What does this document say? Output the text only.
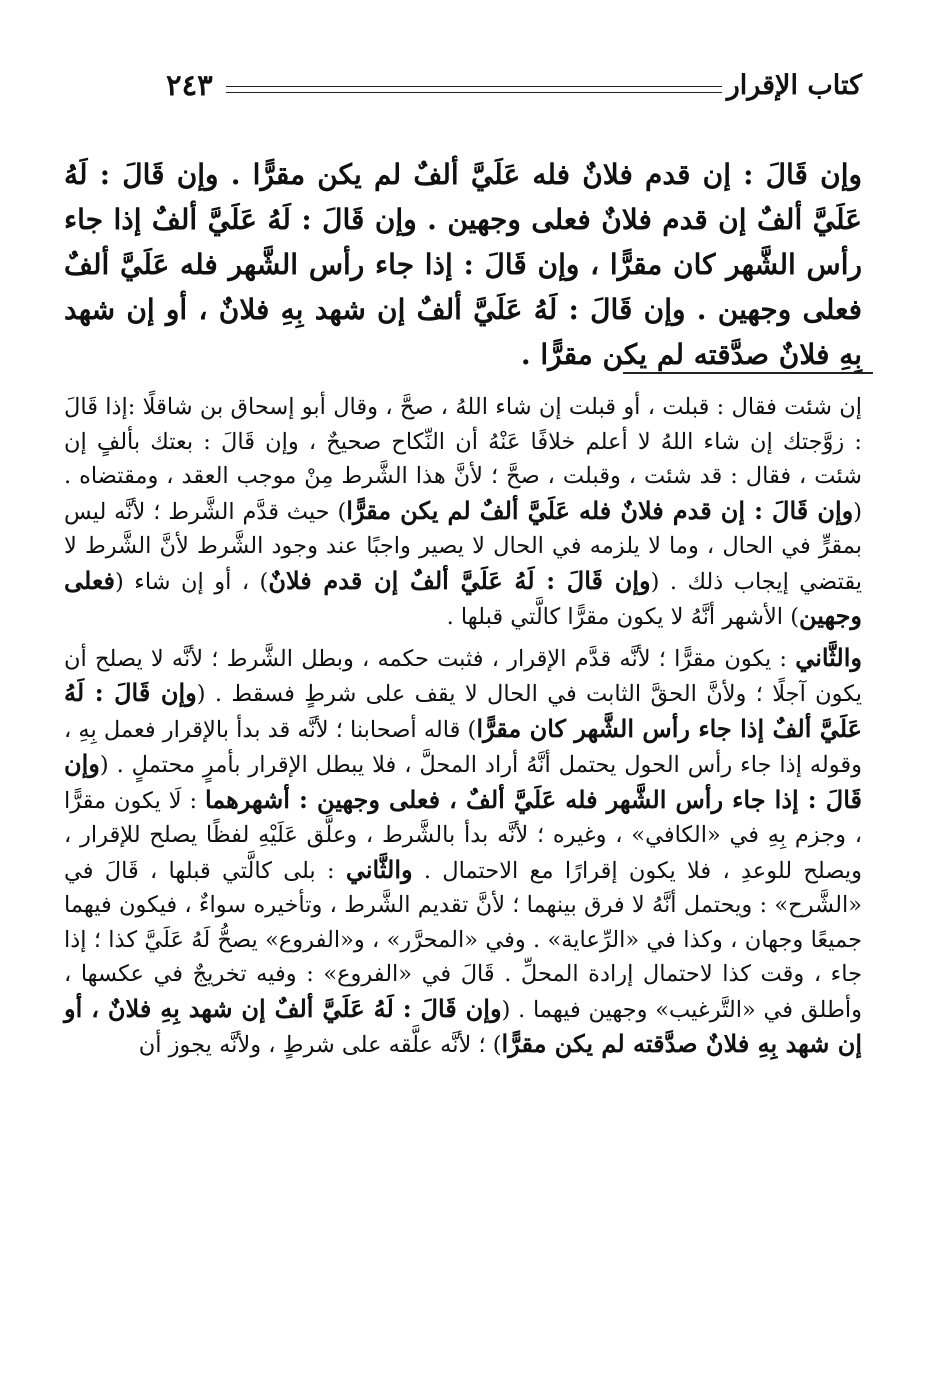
كتاب الإقرار
٢٤٣
وإن قَالَ : إن قدم فلانٌ فله عَلَيَّ ألفٌ لم يكن مقرًّا . وإن قَالَ : لَهُ عَلَيَّ ألفٌ إن قدم فلانٌ فعلى وجهين . وإن قَالَ : لَهُ عَلَيَّ ألفٌ إذا جاء رأس الشَّهر كان مقرًّا ، وإن قَالَ : إذا جاء رأس الشَّهر فله عَلَيَّ ألفٌ فعلى وجهين . وإن قَالَ : لَهُ عَلَيَّ ألفٌ إن شهد بِهِ فلانٌ ، أو إن شهد بِهِ فلانٌ صدَّقته لم يكن مقرًّا .

إن شئت فقال : قبلت ، أو قبلت إن شاء اللهُ ، صحَّ ، وقال أبو إسحاق بن شاقلًا :إذا قَالَ : زوَّجتك إن شاء اللهُ لا أعلم خلافًا عَنْهُ أن النِّكاح صحيحٌ ، وإن قَالَ : بعتك بألفٍ إن شئت ، فقال : قد شئت ، وقبلت ، صحَّ ؛ لأنَّ هذا الشَّرط مِنْ موجب العقد ، ومقتضاه . (وإن قَالَ : إن قدم فلانٌ فله عَلَيَّ ألفٌ لم يكن مقرًّا) حيث قدَّم الشَّرط ؛ لأنَّه ليس بمقرٍّ في الحال ، وما لا يلزمه في الحال لا يصير واجبًا عند وجود الشَّرط لأنَّ الشَّرط لا يقتضي إيجاب ذلك . (وإن قَالَ : لَهُ عَلَيَّ ألفٌ إن قدم فلانٌ) ، أو إن شاء (فعلى وجهين) الأشهر أنَّهُ لا يكون مقرًّا كالَّتي قبلها .

والثَّاني : يكون مقرًّا ؛ لأنَّه قدَّم الإقرار ، فثبت حكمه ، وبطل الشَّرط ؛ لأنَّه لا يصلح أن يكون آجلًا ؛ ولأنَّ الحقَّ الثابت في الحال لا يقف على شرطٍ فسقط . (وإن قَالَ : لَهُ عَلَيَّ ألفٌ إذا جاء رأس الشَّهر كان مقرًّا) قاله أصحابنا ؛ لأنَّه قد بدأ بالإقرار فعمل بِهِ ، وقوله إذا جاء رأس الحول يحتمل أنَّهُ أراد المحلَّ ، فلا يبطل الإقرار بأمرٍ محتملٍ . (وإن قَالَ : إذا جاء رأس الشَّهر فله عَلَيَّ ألفٌ ، فعلى وجهين : أشهرهما : لَا يكون مقرًّا ، وجزم بِهِ في «الكافي» ، وغيره ؛ لأنَّه بدأ بالشَّرط ، وعلَّق عَلَيْهِ لفظًا يصلح للإقرار ، ويصلح للوعدِ ، فلا يكون إقرارًا مع الاحتمال . والثَّاني : بلى كالَّتي قبلها ، قَالَ في «الشَّرح» : ويحتمل أنَّهُ لا فرق بينهما ؛ لأنَّ تقديم الشَّرط ، وتأخيره سواءٌ ، فيكون فيهما جميعًا وجهان ، وكذا في «الرِّعاية» . وفي «المحرَّر» ، و«الفروع» يصحُّ لَهُ عَلَيَّ كذا ؛ إذا جاء ، وقت كذا لاحتمال إرادة المحلِّ . قَالَ في «الفروع» : وفيه تخريجٌ في عكسها ، وأطلق في «التَّرغيب» وجهين فيهما . (وإن قَالَ : لَهُ عَلَيَّ ألفٌ إن شهد بِهِ فلانٌ ، أو إن شهد بِهِ فلانٌ صدَّقته لم يكن مقرًّا) ؛ لأنَّه علَّقه على شرطٍ ، ولأنَّه يجوز أن
